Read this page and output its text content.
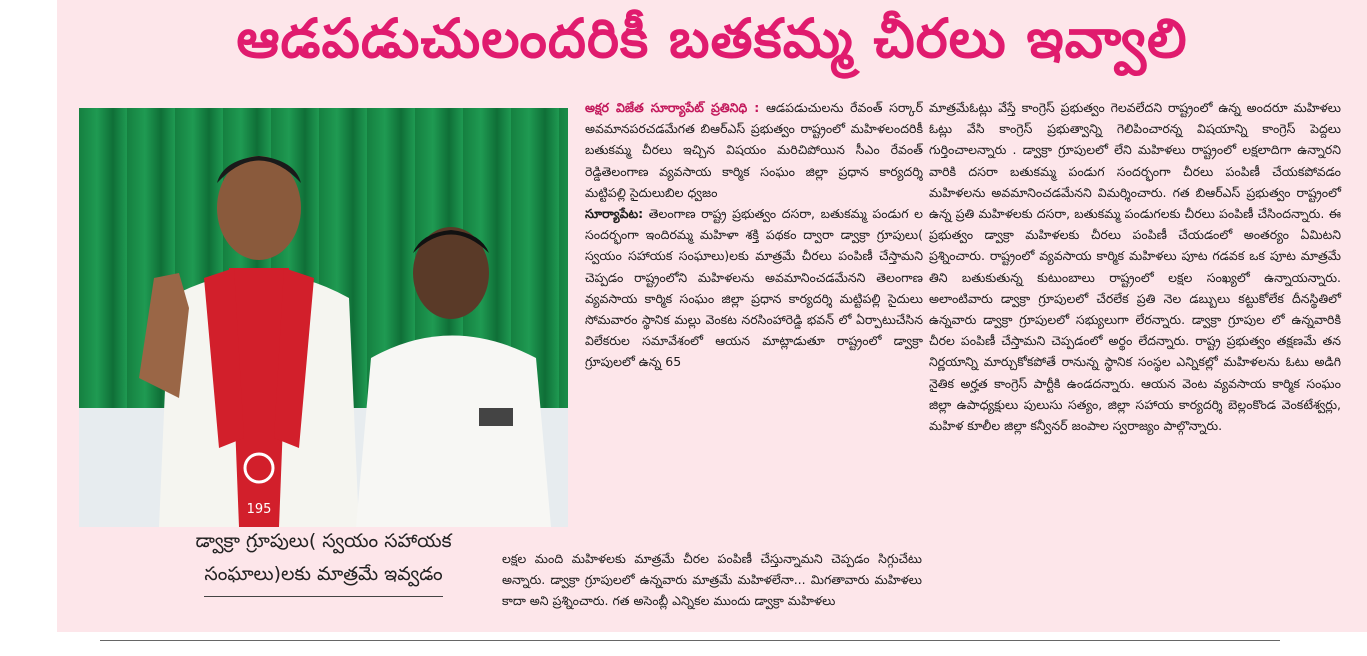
ఆడపడుచులందరికీ బతకమ్మ చీరలు ఇవ్వాలి
195
డ్వాక్రా గ్రూపులు( స్వయం సహాయక
సంఘాలు)లకు మాత్రమే ఇవ్వడం

అక్షర విజేత సూర్యాపేట్ ప్రతినిధి : ఆడపడుచులను రేవంత్ సర్కార్ అవమానపరచడమేగత బిఆర్ఎస్ ప్రభుత్వం రాష్ట్రంలో మహిళలందరికీ బతుకమ్మ చీరలు ఇచ్చిన విషయం మరిచిపోయిన సీఎం రేవంత్ రెడ్డితెలంగాణ వ్యవసాయ కార్మిక సంఘం జిల్లా ప్రధాన కార్యదర్శి మట్టిపల్లి సైదులుబిల ధ్వజం

సూర్యాపేట: తెలంగాణ రాష్ట్ర ప్రభుత్వం దసరా, బతుకమ్మ పండుగ ల సందర్భంగా ఇందిరమ్మ మహిళా శక్తి పథకం ద్వారా డ్వాక్రా గ్రూపులు( స్వయం సహాయక సంఘాలు)లకు మాత్రమే చీరలు పంపిణీ చేస్తామని చెప్పడం రాష్ట్రంలోని మహిళలను అవమానించడమేనని తెలంగాణ వ్యవసాయ కార్మిక సంఘం జిల్లా ప్రధాన కార్యదర్శి మట్టిపల్లి సైదులు సోమవారం స్థానిక మల్లు వెంకట నరసింహారెడ్డి భవన్ లో ఏర్పాటుచేసిన విలేకరుల సమావేశంలో ఆయన మాట్లాడుతూ రాష్ట్రంలో డ్వాక్రా గ్రూపులలో ఉన్న 65

లక్షల మంది మహిళలకు మాత్రమే చీరల పంపిణీ చేస్తున్నామని చెప్పడం సిగ్గుచేటు అన్నారు. డ్వాక్రా గ్రూపులలో ఉన్నవారు మాత్రమే మహిళలేనా... మిగతావారు మహిళలు కాదా అని ప్రశ్నించారు. గత అసెంబ్లీ ఎన్నికల ముందు డ్వాక్రా మహిళలు

మాత్రమేఓట్లు వేస్తే కాంగ్రెస్ ప్రభుత్వం గెలవలేదని రాష్ట్రంలో ఉన్న అందరూ మహిళలు ఓట్లు వేసి కాంగ్రెస్ ప్రభుత్వాన్ని గెలిపించారన్న విషయాన్ని కాంగ్రెస్ పెద్దలు గుర్తించాలన్నారు . డ్వాక్రా గ్రూపులలో లేని మహిళలు రాష్ట్రంలో లక్షలాదిగా ఉన్నారని వారికి దసరా బతుకమ్మ పండుగ సందర్భంగా చీరలు పంపిణీ చేయకపోవడం మహిళలను అవమానించడమేనని విమర్శించారు. గత బిఆర్ఎస్ ప్రభుత్వం రాష్ట్రంలో ఉన్న ప్రతి మహిళలకు దసరా, బతుకమ్మ పండుగలకు చీరలు పంపిణీ చేసిందన్నారు. ఈ ప్రభుత్వం డ్వాక్రా మహిళలకు చీరలు పంపిణీ చేయడంలో అంతర్యం ఏమిటని ప్రశ్నించారు. రాష్ట్రంలో వ్యవసాయ కార్మిక మహిళలు పూట గడవక ఒక పూట మాత్రమే తిని బతుకుతున్న కుటుంబాలు రాష్ట్రంలో లక్షల సంఖ్యలో ఉన్నాయన్నారు. అలాంటివారు డ్వాక్రా గ్రూపులలో చేరలేక ప్రతి నెల డబ్బులు కట్టుకోలేక దీనస్థితిలో ఉన్నవారు డ్వాక్రా గ్రూపులలో సభ్యులుగా లేరన్నారు. డ్వాక్రా గ్రూపుల లో ఉన్నవారికి చీరల పంపిణీ చేస్తామని చెప్పడంలో అర్థం లేదన్నారు. రాష్ట్ర ప్రభుత్వం తక్షణమే తన నిర్ణయాన్ని మార్చుకోకపోతే రానున్న స్థానిక సంస్థల ఎన్నికల్లో మహిళలను ఓటు అడిగి నైతిక అర్హత కాంగ్రెస్ పార్టీకి ఉండదన్నారు. ఆయన వెంట వ్యవసాయ కార్మిక సంఘం జిల్లా ఉపాధ్యక్షులు పులుసు సత్యం, జిల్లా సహాయ కార్యదర్శి బెల్లంకొండ వెంకటేశ్వర్లు, మహిళ కూలీల జిల్లా కన్వీనర్ జంపాల స్వరాజ్యం పాల్గొన్నారు.
